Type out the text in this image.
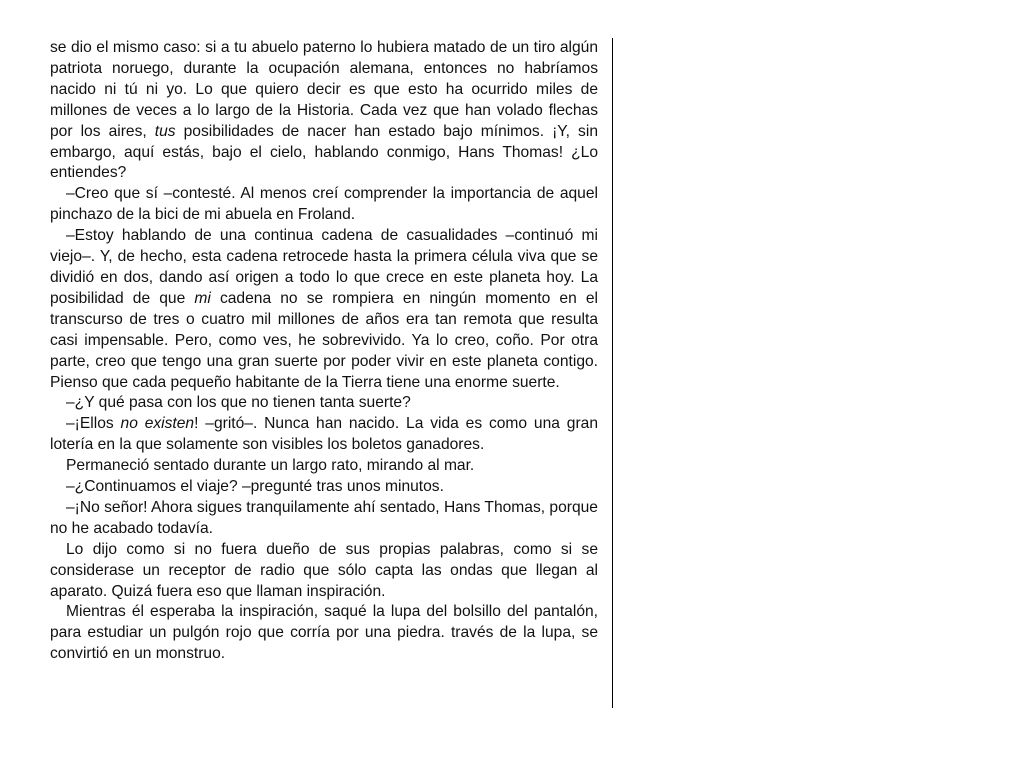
se dio el mismo caso: si a tu abuelo paterno lo hubiera matado de un tiro algún patriota noruego, durante la ocupación alemana, entonces no habríamos nacido ni tú ni yo. Lo que quiero decir es que esto ha ocurrido miles de millones de veces a lo largo de la Historia. Cada vez que han volado flechas por los aires, tus posibilidades de nacer han estado bajo mínimos. ¡Y, sin embargo, aquí estás, bajo el cielo, hablando conmigo, Hans Thomas! ¿Lo entiendes?

–Creo que sí –contesté. Al menos creí comprender la importancia de aquel pinchazo de la bici de mi abuela en Froland.

–Estoy hablando de una continua cadena de casualidades –continuó mi viejo–. Y, de hecho, esta cadena retrocede hasta la primera célula viva que se dividió en dos, dando así origen a todo lo que crece en este planeta hoy. La posibilidad de que mi cadena no se rompiera en ningún momento en el transcurso de tres o cuatro mil millones de años era tan remota que resulta casi impensable. Pero, como ves, he sobrevivido. Ya lo creo, coño. Por otra parte, creo que tengo una gran suerte por poder vivir en este planeta contigo. Pienso que cada pequeño habitante de la Tierra tiene una enorme suerte.

–¿Y qué pasa con los que no tienen tanta suerte?

–¡Ellos no existen! –gritó–. Nunca han nacido. La vida es como una gran lotería en la que solamente son visibles los boletos ganadores.

Permaneció sentado durante un largo rato, mirando al mar.

–¿Continuamos el viaje? –pregunté tras unos minutos.

–¡No señor! Ahora sigues tranquilamente ahí sentado, Hans Thomas, porque no he acabado todavía.

Lo dijo como si no fuera dueño de sus propias palabras, como si se considerase un receptor de radio que sólo capta las ondas que llegan al aparato. Quizá fuera eso que llaman inspiración.

Mientras él esperaba la inspiración, saqué la lupa del bolsillo del pantalón, para estudiar un pulgón rojo que corría por una piedra. través de la lupa, se convirtió en un monstruo.
